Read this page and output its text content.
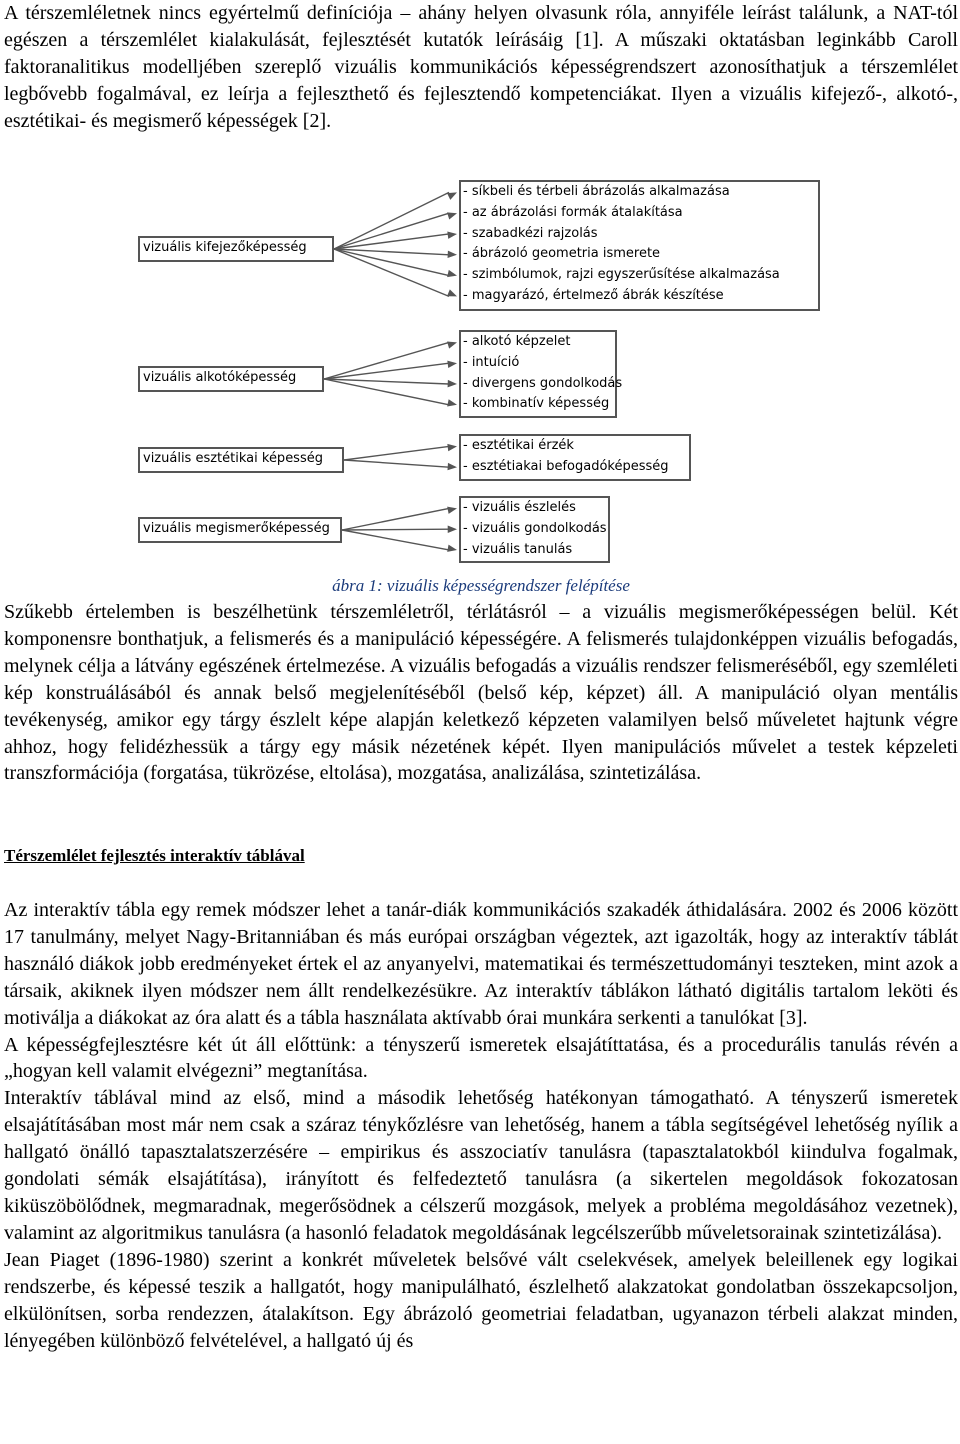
A térszemléletnek nincs egyértelmű definíciója – ahány helyen olvasunk róla, annyiféle leírást találunk, a NAT-tól egészen a térszemlélet kialakulását, fejlesztését kutatók leírásáig [1]. A műszaki oktatásban leginkább Caroll faktoranalitikus modelljében szereplő vizuális kommunikációs képességrendszert azonosíthatjuk a térszemlélet legbővebb fogalmával, ez leírja a fejleszthető és fejlesztendő kompetenciákat. Ilyen a vizuális kifejező-, alkotó-, esztétikai- és megismerő képességek [2].

vizuális kifejezőképesség
- síkbeli és térbeli ábrázolás alkalmazása
- az ábrázolási formák átalakítása
- szabadkézi rajzolás
- ábrázoló geometria ismerete
- szimbólumok, rajzi egyszerűsítése alkalmazása
- magyarázó, értelmező ábrák készítése
vizuális alkotóképesség
- alkotó képzelet
- intuíció
- divergens gondolkodás
- kombinatív képesség
vizuális esztétikai képesség
- esztétikai érzék
- esztétiakai befogadóképesség
vizuális megismerőképesség
- vizuális észlelés
- vizuális gondolkodás
- vizuális tanulás
ábra 1: vizuális képességrendszer felépítése

Szűkebb értelemben is beszélhetünk térszemléletről, térlátásról – a vizuális megismerőképességen belül. Két komponensre bonthatjuk, a felismerés és a manipuláció képességére. A felismerés tulajdonképpen vizuális befogadás, melynek célja a látvány egészének értelmezése. A vizuális befogadás a vizuális rendszer felismeréséből, egy szemléleti kép konstruálásából és annak belső megjelenítéséből (belső kép, képzet) áll. A manipuláció olyan mentális tevékenység, amikor egy tárgy észlelt képe alapján keletkező képzeten valamilyen belső műveletet hajtunk végre ahhoz, hogy felidézhessük a tárgy egy másik nézetének képét. Ilyen manipulációs művelet a testek képzeleti transzformációja (forgatása, tükrözése, eltolása), mozgatása, analizálása, szintetizálása.

Térszemlélet fejlesztés interaktív táblával

Az interaktív tábla egy remek módszer lehet a tanár-diák kommunikációs szakadék áthidalására. 2002 és 2006 között 17 tanulmány, melyet Nagy-Britanniában és más európai országban végeztek, azt igazolták, hogy az interaktív táblát használó diákok jobb eredményeket értek el az anyanyelvi, matematikai és természettudományi teszteken, mint azok a társaik, akiknek ilyen módszer nem állt rendelkezésükre. Az interaktív táblákon látható digitális tartalom leköti és motiválja a diákokat az óra alatt és a tábla használata aktívabb órai munkára serkenti a tanulókat [3].

A képességfejlesztésre két út áll előttünk: a tényszerű ismeretek elsajátíttatása, és a procedurális tanulás révén a „hogyan kell valamit elvégezni” megtanítása.

Interaktív táblával mind az első, mind a második lehetőség hatékonyan támogatható. A tényszerű ismeretek elsajátításában most már nem csak a száraz ténykőzlésre van lehetőség, hanem a tábla segítségével lehetőség nyílik a hallgató önálló tapasztalatszerzésére – empirikus és asszociatív tanulásra (tapasztalatokból kiindulva fogalmak, gondolati sémák elsajátítása), irányított és felfedeztető tanulásra (a sikertelen megoldások fokozatosan kiküszöbölődnek, megmaradnak, megerősödnek a célszerű mozgások, melyek a probléma megoldásához vezetnek), valamint az algoritmikus tanulásra (a hasonló feladatok megoldásának legcélszerűbb műveletsorainak szintetizálása).

Jean Piaget (1896-1980) szerint a konkrét műveletek belsővé vált cselekvések, amelyek beleillenek egy logikai rendszerbe, és képessé teszik a hallgatót, hogy manipulálható, észlelhető alakzatokat gondolatban összekapcsoljon, elkülönítsen, sorba rendezzen, átalakítson. Egy ábrázoló geometriai feladatban, ugyanazon térbeli alakzat minden, lényegében különböző felvételével, a hallgató új és
